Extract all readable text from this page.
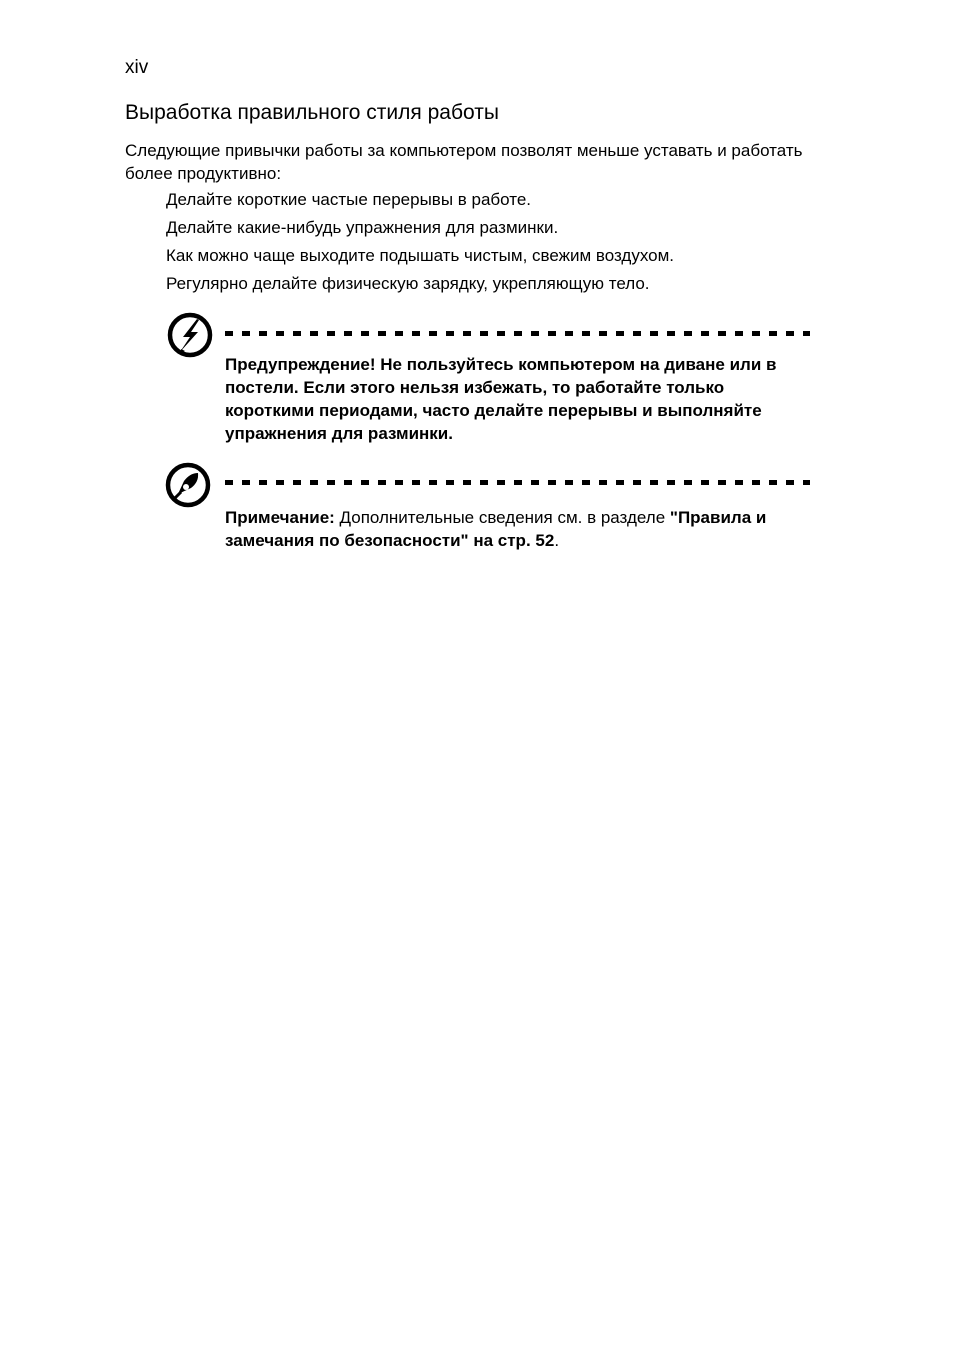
xiv
Выработка правильного стиля работы
Следующие привычки работы за компьютером позволят меньше уставать и работать более продуктивно:
Делайте короткие частые перерывы в работе.
Делайте какие-нибудь упражнения для разминки.
Как можно чаще выходите подышать чистым, свежим воздухом.
Регулярно делайте физическую зарядку, укрепляющую тело.
Предупреждение! Не пользуйтесь компьютером на диване или в постели. Если этого нельзя избежать, то работайте только короткими периодами, часто делайте перерывы и выполняйте упражнения для разминки.
Примечание: Дополнительные сведения см. в разделе "Правила и замечания по безопасности" на стр. 52.
